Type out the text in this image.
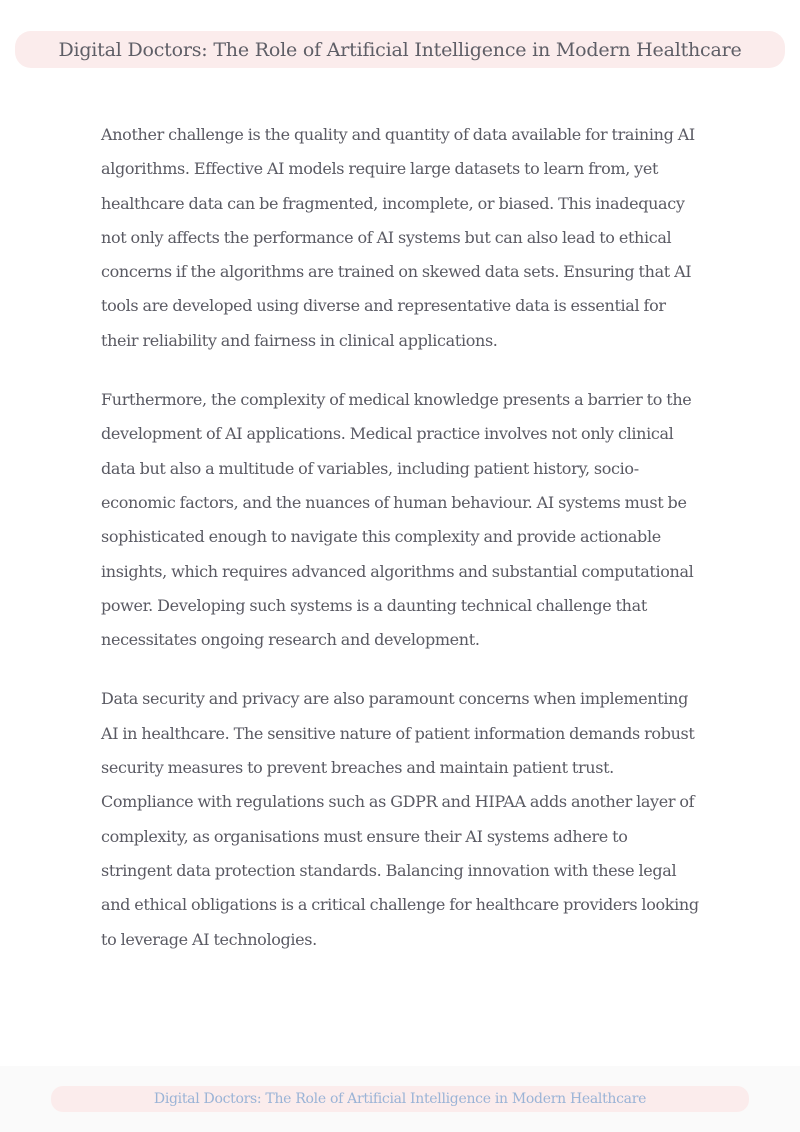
Digital Doctors: The Role of Artificial Intelligence in Modern Healthcare

Another challenge is the quality and quantity of data available for training AI algorithms. Effective AI models require large datasets to learn from, yet healthcare data can be fragmented, incomplete, or biased. This inadequacy not only affects the performance of AI systems but can also lead to ethical concerns if the algorithms are trained on skewed data sets. Ensuring that AI tools are developed using diverse and representative data is essential for their reliability and fairness in clinical applications.

Furthermore, the complexity of medical knowledge presents a barrier to the development of AI applications. Medical practice involves not only clinical data but also a multitude of variables, including patient history, socio-economic factors, and the nuances of human behaviour. AI systems must be sophisticated enough to navigate this complexity and provide actionable insights, which requires advanced algorithms and substantial computational power. Developing such systems is a daunting technical challenge that necessitates ongoing research and development.

Data security and privacy are also paramount concerns when implementing AI in healthcare. The sensitive nature of patient information demands robust security measures to prevent breaches and maintain patient trust. Compliance with regulations such as GDPR and HIPAA adds another layer of complexity, as organisations must ensure their AI systems adhere to stringent data protection standards. Balancing innovation with these legal and ethical obligations is a critical challenge for healthcare providers looking to leverage AI technologies.

Digital Doctors: The Role of Artificial Intelligence in Modern Healthcare
